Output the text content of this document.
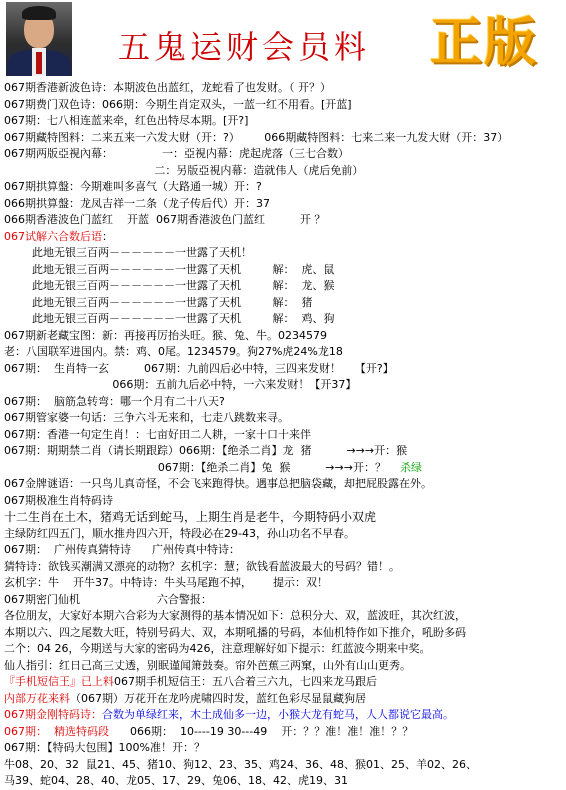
五鬼运财会员料 正版
067期香港新波色诗：本期波色出蓝红，龙蛇看了也发财。（ 开？）
067期费门双色诗：066期：今期生肖定双头，一蓝一红不用看。[开蓝]
067期：七八相连蓝来牵，红色出特尽本期。[开?]
067期藏特图料：二来五来一六发大财（开：?）       066期藏特图料：七来二来一九发大财（开：37）
067期两版亞視內幕：              一：亞視内幕：虎起虎落（三七合数）
二：另版亞視内幕：造就伟人（虎后免前）
067期拱算盤：今期难叫多喜气（大路通一城）开：?
066期拱算盤：龙凤吉祥一二条（龙子传后代）开：37
066期香港波色门蓝红    开蓝  067期香港波色门蓝红          开 ？
067试解六合数后语：
此地无银三百两－－－－－－一世露了天机！
此地无银三百两－－－－－－一世露了天机         解：  虎、鼠
此地无银三百两－－－－－－一世露了天机         解：  龙、猴
此地无银三百两－－－－－－一世露了天机         解：  猪
此地无银三百两－－－－－－一世露了天机         解：  鸡、狗
067期新老藏宝图：新：再接再厉抬头旺。猴、兔、牛。0234579
老：八国联军进国内。禁：鸡、0尾。1234579。狗27%虎24%龙18
067期：  生肖特一玄          067期：九前四后必中特，三四来发财！    【开?】
066期：五前九后必中特，一六来发财！【开37】
067期：  脑筋急转弯：哪一个月有二十八天?
067期管家婆一句话：三争六斗无来和，七走八跳数来寻。
067期：香港一句定生肖！：七亩好田二人耕，一家十口十来伴
067期：期期禁二肖（请长期跟踪）066期：【绝杀二肖】龙  猪          →→→开：猴
067期：【绝杀二肖】兔  猴          →→→开：？    杀绿
067金牌谜语：一只鸟儿真奇怪，不会飞来跑得快。遇事总把脑袋藏，却把屁股露在外。
067期极准生肖特码诗
十二生肖在土木，猪鸡无话到蛇马，上期生肖是老牛，今期特码小双虎
主绿防红四五门，顺水推舟四六开，特段必在29-43，孙山功名不早春。
067期：  广州传真猜特诗      广州传真中特诗：
猜特诗：欲钱买潮满又漂亮的动物？玄机字：慧；欲钱看蓝波最大的号码？错！。
玄机字：牛    开牛37。中特诗：牛头马尾跑不掉，      提示：双！
067期密门仙机                      六合警报：
各位朋友，大家好本期六合彩为大家测得的基本情况如下：总积分大、双，蓝波旺，其次红波，
本期以六、四之尾数大旺，特别号码大、双，本期吼播的号码，本仙机特作如下推介，吼盼多码
二个：04 26，今期送与大家的密码为426，注意理解好如下提示：红蓝波今期来中奖。
仙人指引：红日己高三丈透，别眠谨闻箫鼓奏。帘外芭蕉三两窠，山外有山山更秀。
『手机短信王』已上料067期手机短信王：五八合着三六九，七四来龙马跟后
内部万花来料（067期）万花开在龙吟虎啸四时发，蓝红色彩尽显鼠藏狗居
067期金刚特码诗：合数为单绿红来，木土成仙多一边，小猴大龙有蛇马，人人都说它最高。
067期：  精选特码段      066期：  10----19 30---49    开：？？准！准！准！？？
067期：【特码大包围】100%准！开：？
牛08、20、32  鼠21、45、猪10、狗12、23、35、鸡24、36、48、猴01、25、羊02、26、
马39、蛇04、28、40、龙05、17、29、兔06、18、42、虎19、31
